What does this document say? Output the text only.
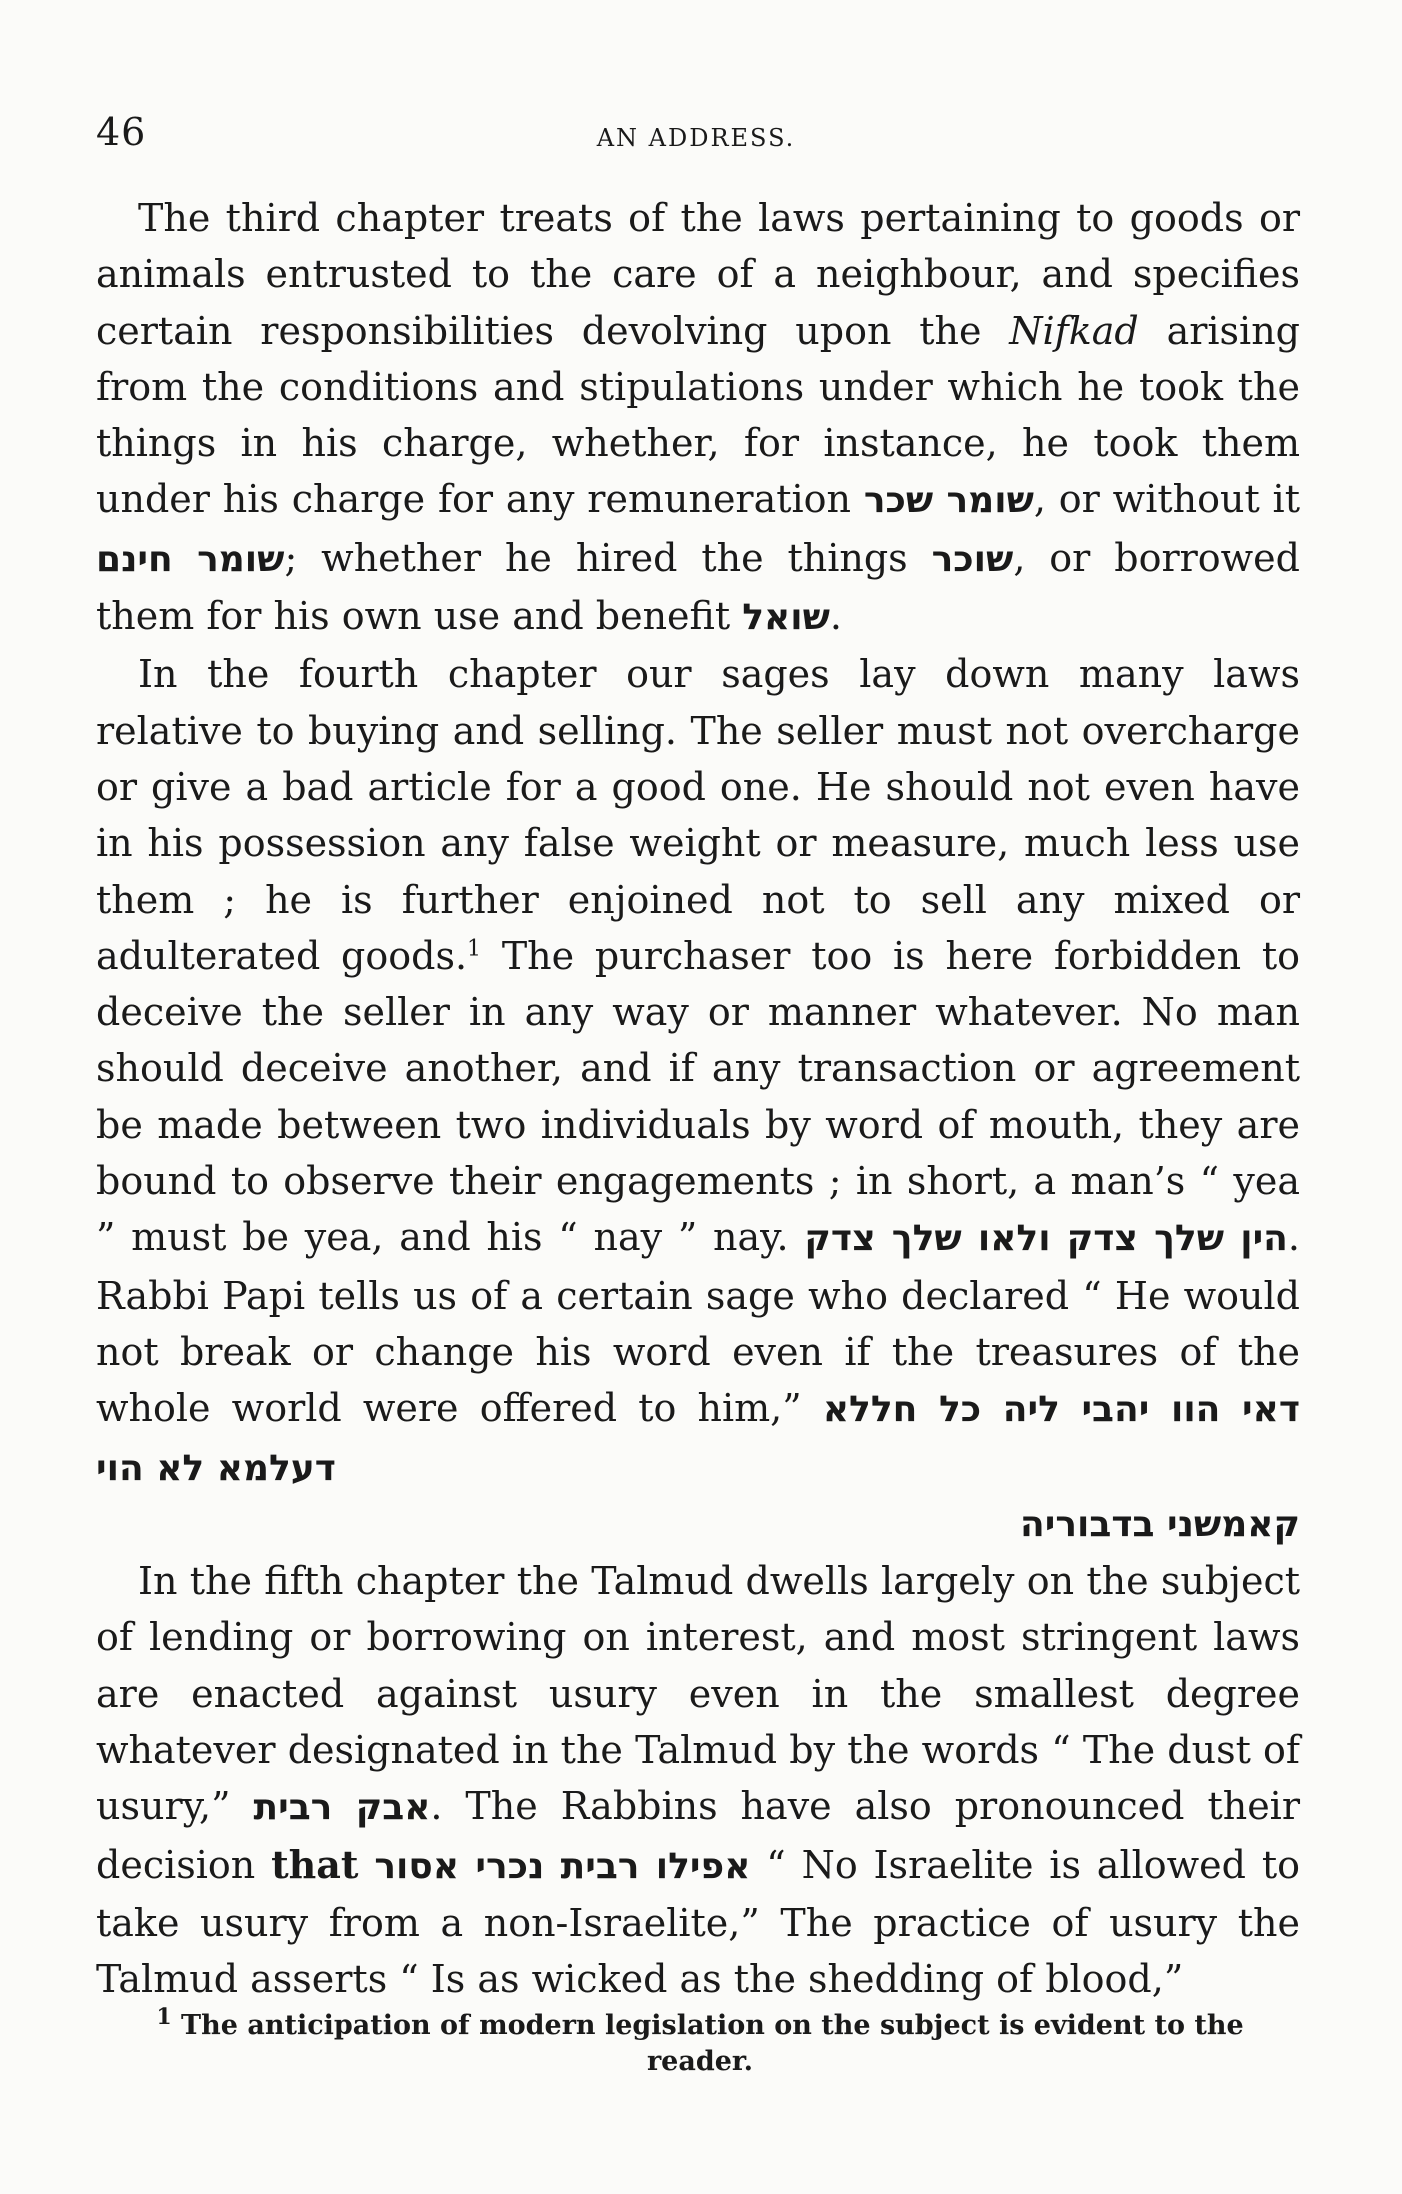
46	AN ADDRESS.

The third chapter treats of the laws pertaining to goods or animals entrusted to the care of a neighbour, and specifies certain responsibilities devolving upon the Nifkad arising from the conditions and stipulations under which he took the things in his charge, whether, for instance, he took them under his charge for any remuneration שומר שכר, or without it שומר חינם; whether he hired the things שוכר, or borrowed them for his own use and benefit שואל.

In the fourth chapter our sages lay down many laws relative to buying and selling. The seller must not overcharge or give a bad article for a good one. He should not even have in his possession any false weight or measure, much less use them ; he is further enjoined not to sell any mixed or adulterated goods.$^1$ The purchaser too is here forbidden to deceive the seller in any way or manner whatever. No man should deceive another, and if any transaction or agreement be made between two individuals by word of mouth, they are bound to observe their engagements ; in short, a man’s “ yea ” must be yea, and his “ nay ” nay. הין שלך צדק ולאו שלך צדק. Rabbi Papi tells us of a certain sage who declared “ He would not break or change his word even if the treasures of the whole world were offered to him,” דאי הוו יהבי ליה כל חללא דעלמא לא הוי
קאמשני בדבוריה

In the fifth chapter the Talmud dwells largely on the subject of lending or borrowing on interest, and most stringent laws are enacted against usury even in the smallest degree whatever designated in the Talmud by the words “ The dust of usury,” אבק רבית. The Rabbins have also pronounced their decision that אפילו רבית נכרי אסור “ No Israelite is allowed to take usury from a non-Israelite,” The practice of usury the Talmud asserts “ Is as wicked as the shedding of blood,”

$^1$ The anticipation of modern legislation on the subject is evident to the reader.
